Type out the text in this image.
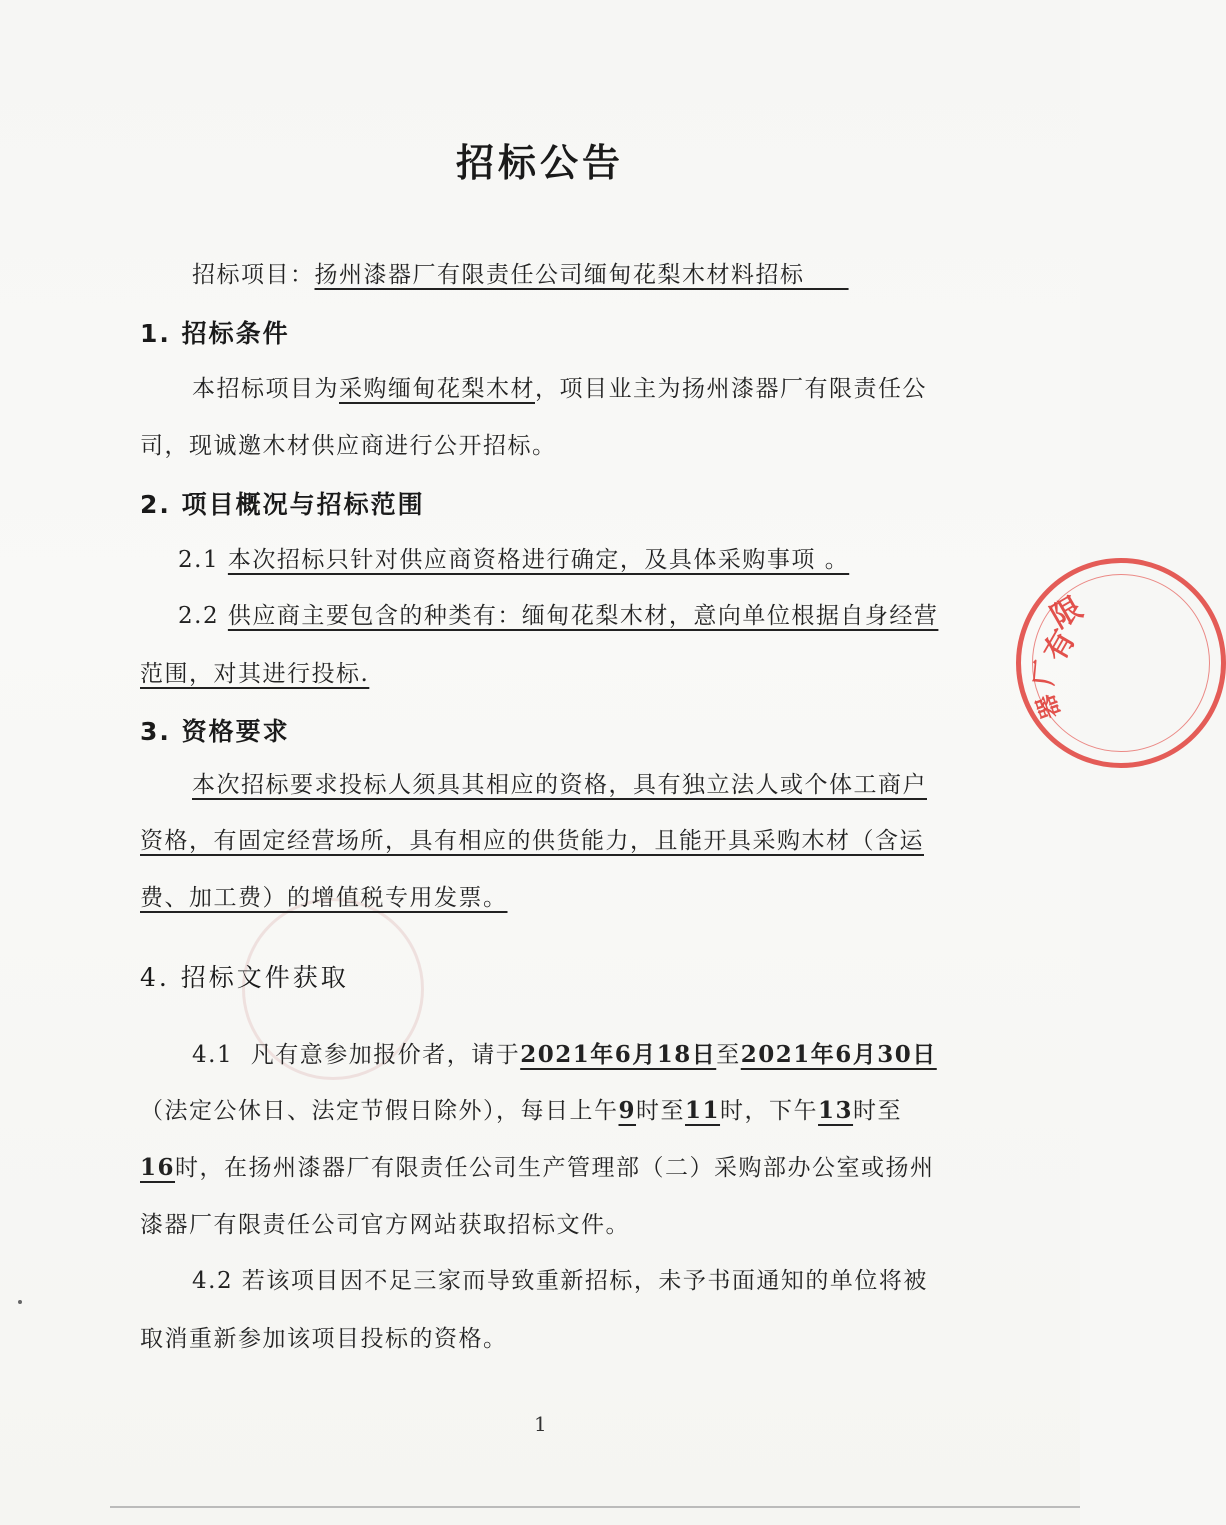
招标公告
招标项目：扬州漆器厂有限责任公司缅甸花梨木材料招标
1. 招标条件
本招标项目为采购缅甸花梨木材，项目业主为扬州漆器厂有限责任公
司，现诚邀木材供应商进行公开招标。
2. 项目概况与招标范围
2.1 本次招标只针对供应商资格进行确定，及具体采购事项 。
2.2 供应商主要包含的种类有：缅甸花梨木材，意向单位根据自身经营
范围，对其进行投标.
3. 资格要求
本次招标要求投标人须具其相应的资格，具有独立法人或个体工商户
资格，有固定经营场所，具有相应的供货能力，且能开具采购木材（含运
费、加工费）的增值税专用发票。
4. 招标文件获取
4.1 凡有意参加报价者，请于2021年6月18日至2021年6月30日
（法定公休日、法定节假日除外），每日上午9时至11时，下午13时至
16时，在扬州漆器厂有限责任公司生产管理部（二）采购部办公室或扬州
漆器厂有限责任公司官方网站获取招标文件。
4.2 若该项目因不足三家而导致重新招标，未予书面通知的单位将被
取消重新参加该项目投标的资格。
1
有
限
器
厂
